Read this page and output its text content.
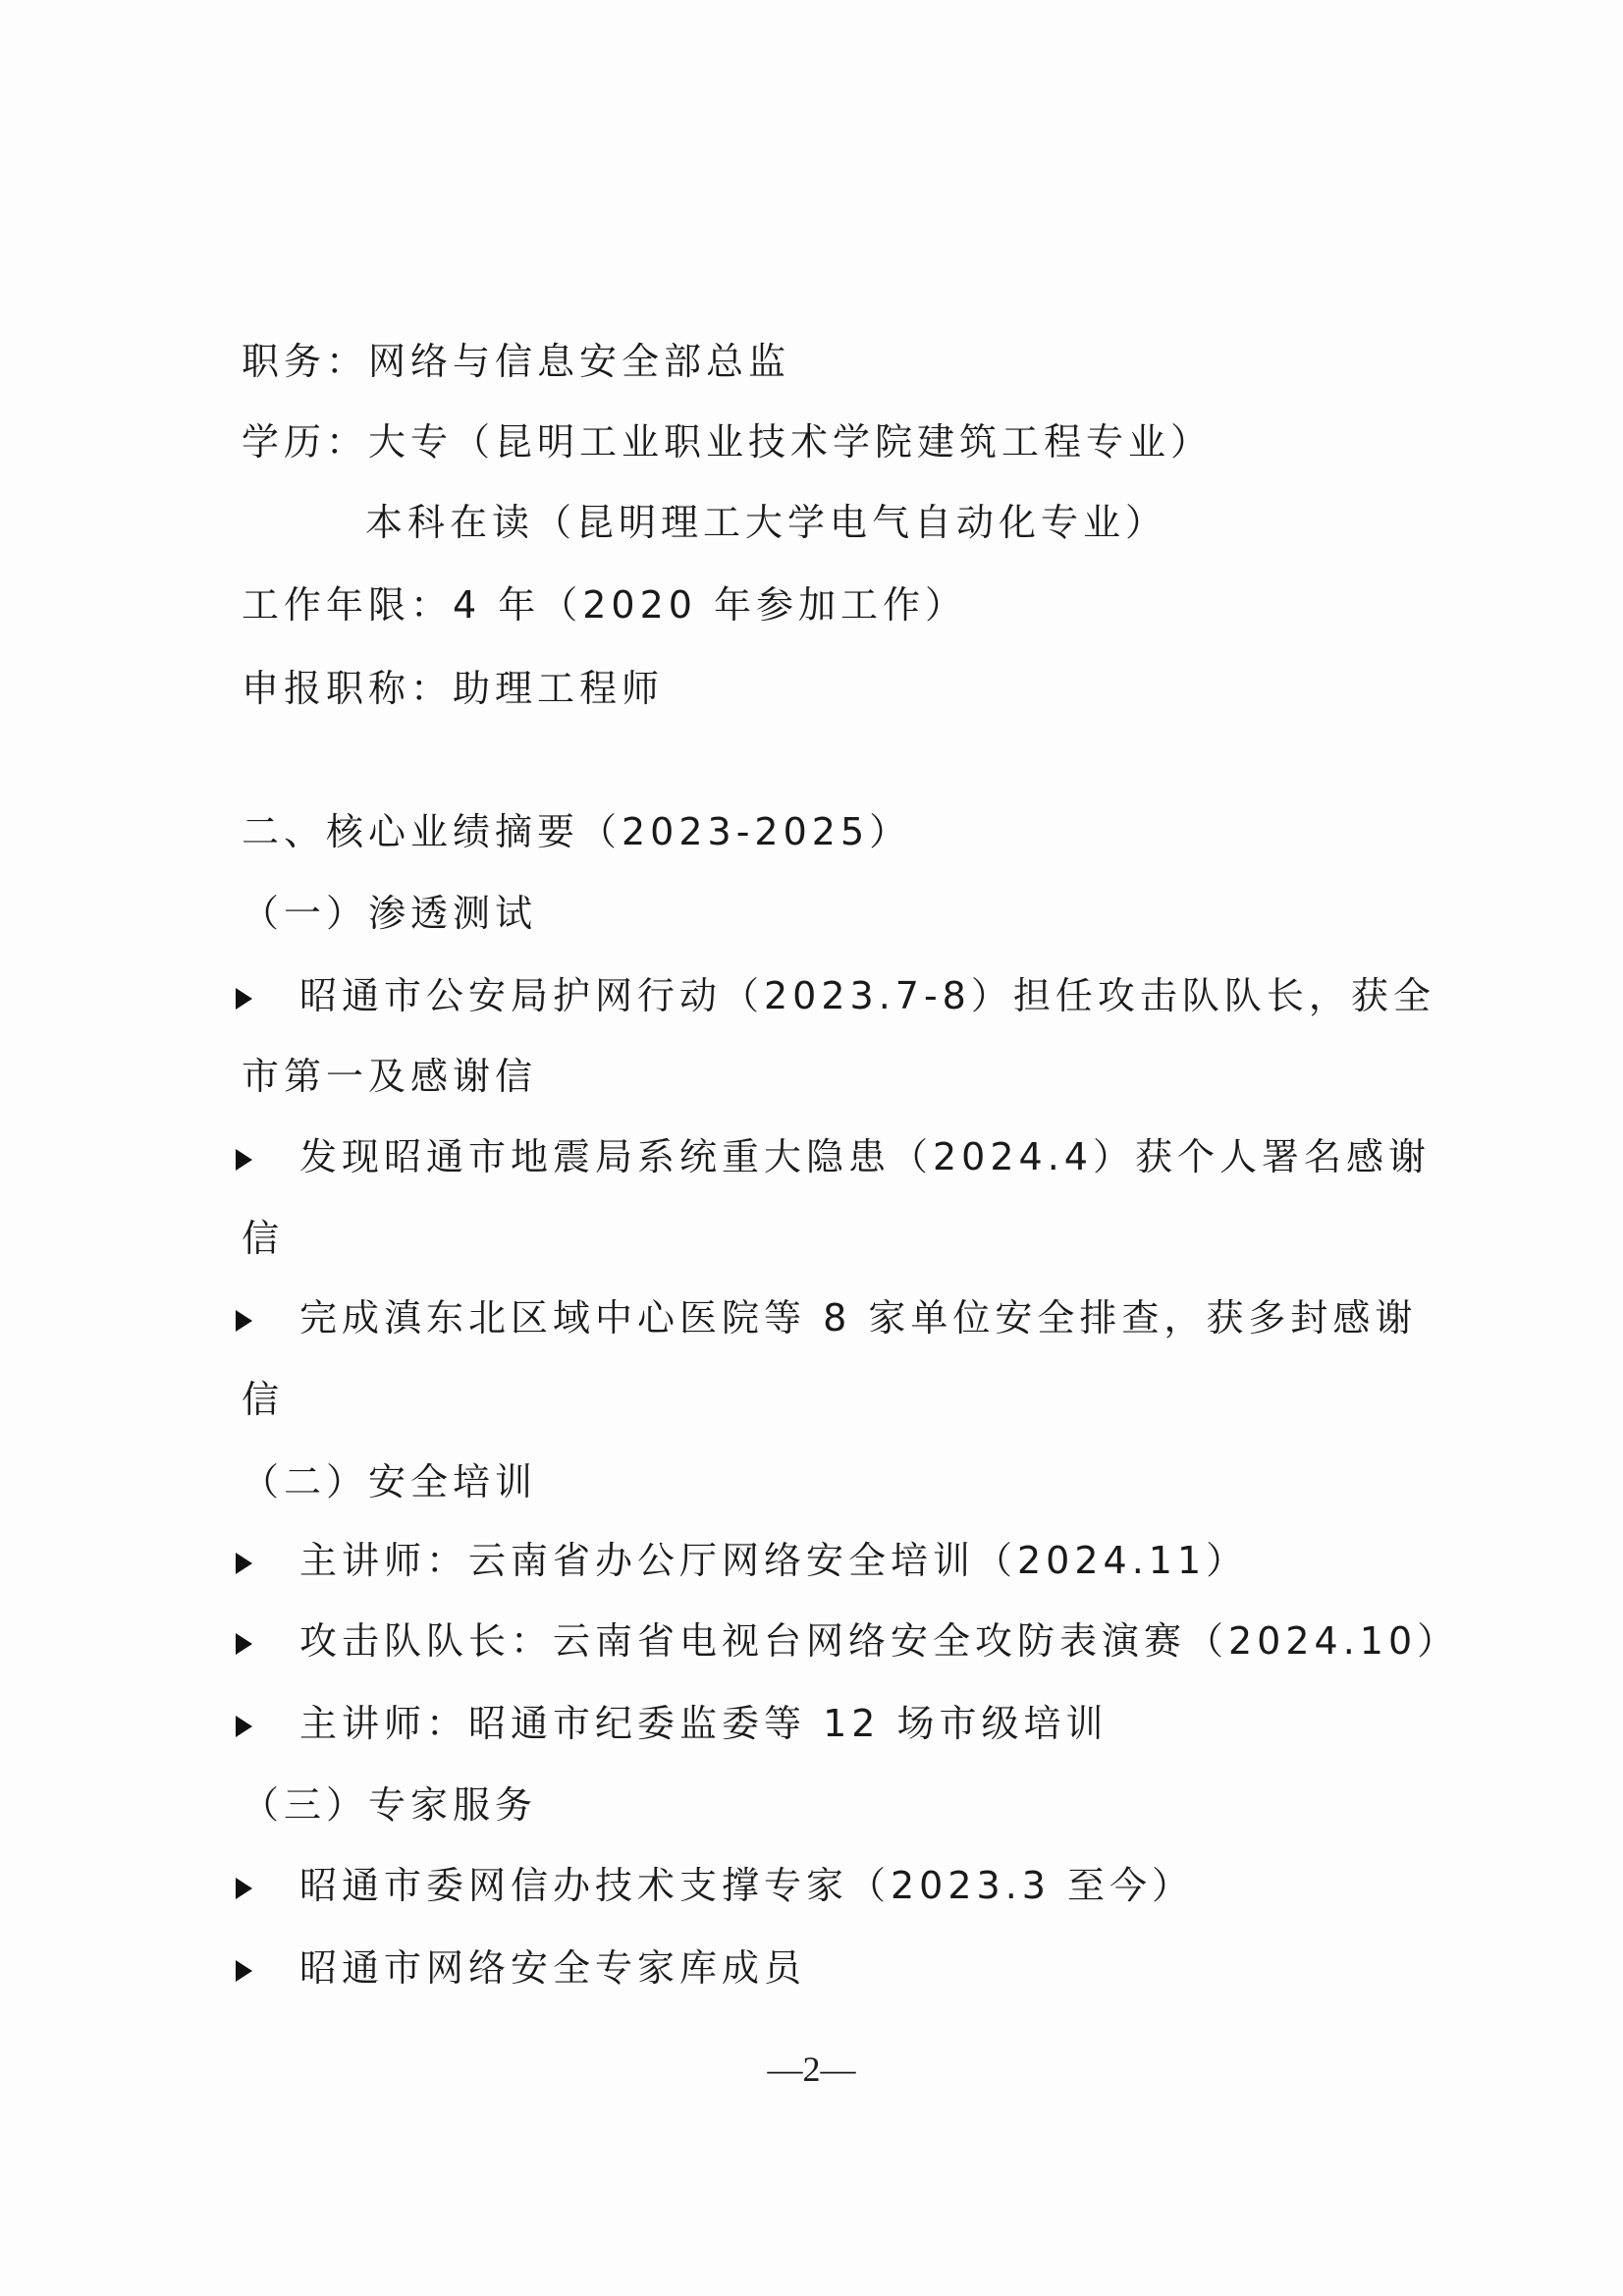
职务：网络与信息安全部总监
学历：大专（昆明工业职业技术学院建筑工程专业）
本科在读（昆明理工大学电气自动化专业）
工作年限：4 年（2020 年参加工作）
申报职称：助理工程师
二、核心业绩摘要（2023-2025）
（一）渗透测试
昭通市公安局护网行动（2023.7-8）担任攻击队队长，获全
市第一及感谢信
发现昭通市地震局系统重大隐患（2024.4）获个人署名感谢
信
完成滇东北区域中心医院等 8 家单位安全排查，获多封感谢
信
（二）安全培训
主讲师：云南省办公厅网络安全培训（2024.11）
攻击队队长：云南省电视台网络安全攻防表演赛（2024.10）
主讲师：昭通市纪委监委等 12 场市级培训
（三）专家服务
昭通市委网信办技术支撑专家（2023.3 至今）
昭通市网络安全专家库成员
—2—
